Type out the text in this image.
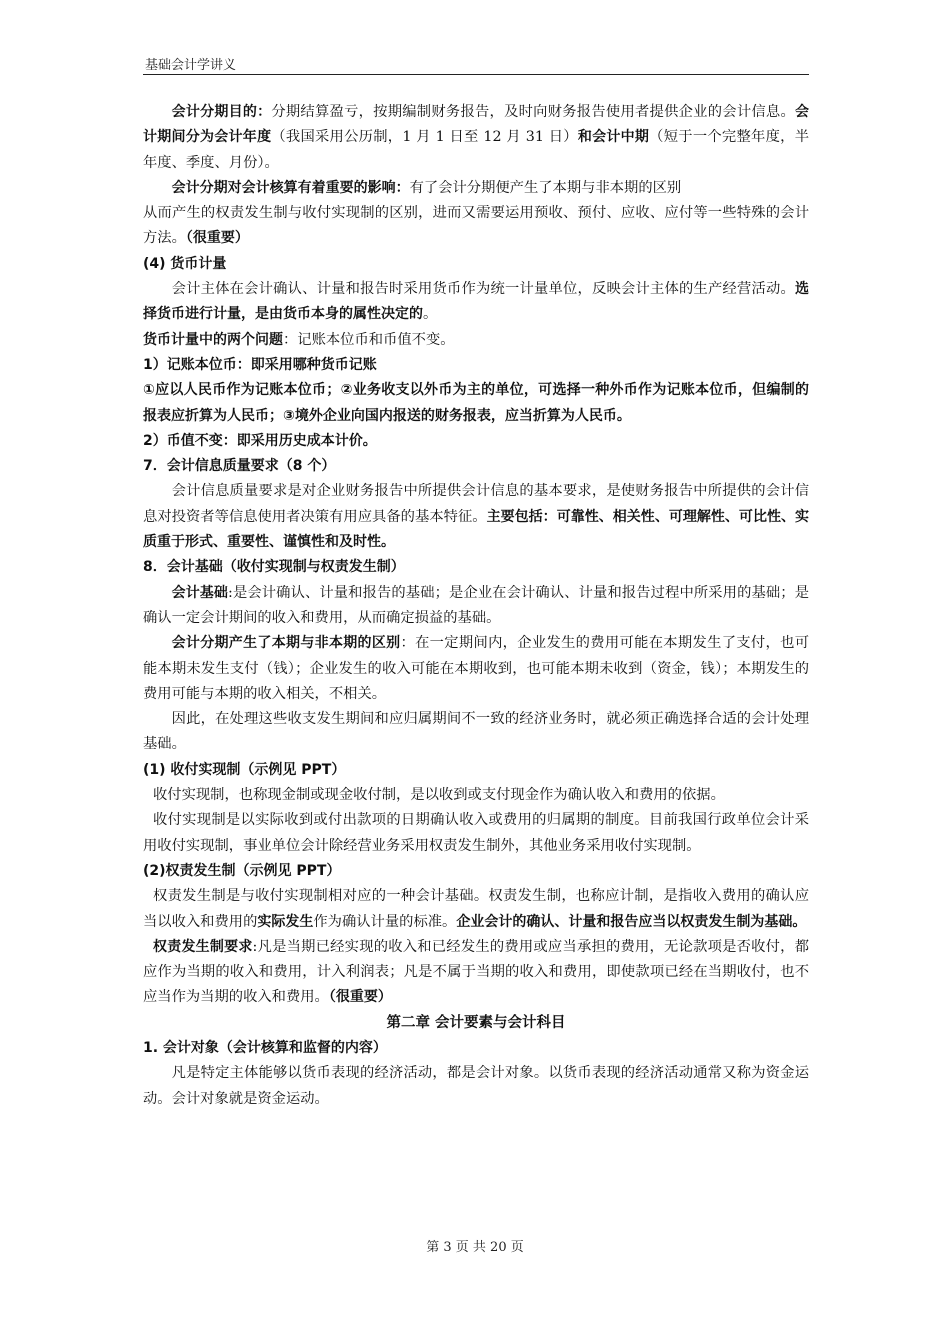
基础会计学讲义

会计分期目的：分期结算盈亏，按期编制财务报告，及时向财务报告使用者提供企业的会计信息。会计期间分为会计年度（我国采用公历制，1 月 1 日至 12 月 31 日）和会计中期（短于一个完整年度，半年度、季度、月份）。

会计分期对会计核算有着重要的影响：有了会计分期便产生了本期与非本期的区别

从而产生的权责发生制与收付实现制的区别，进而又需要运用预收、预付、应收、应付等一些特殊的会计方法。（很重要）

(4) 货币计量

会计主体在会计确认、计量和报告时采用货币作为统一计量单位，反映会计主体的生产经营活动。选择货币进行计量，是由货币本身的属性决定的。

货币计量中的两个问题：记账本位币和币值不变。

1）记账本位币：即采用哪种货币记账

①应以人民币作为记账本位币；②业务收支以外币为主的单位，可选择一种外币作为记账本位币，但编制的报表应折算为人民币；③境外企业向国内报送的财务报表，应当折算为人民币。

2）币值不变：即采用历史成本计价。

7．会计信息质量要求（8 个）

会计信息质量要求是对企业财务报告中所提供会计信息的基本要求，是使财务报告中所提供的会计信息对投资者等信息使用者决策有用应具备的基本特征。主要包括：可靠性、相关性、可理解性、可比性、实质重于形式、重要性、谨慎性和及时性。

8．会计基础（收付实现制与权责发生制）

会计基础:是会计确认、计量和报告的基础；是企业在会计确认、计量和报告过程中所采用的基础；是确认一定会计期间的收入和费用，从而确定损益的基础。

会计分期产生了本期与非本期的区别：在一定期间内，企业发生的费用可能在本期发生了支付，也可能本期未发生支付（钱）；企业发生的收入可能在本期收到，也可能本期未收到（资金，钱）；本期发生的费用可能与本期的收入相关，不相关。

因此，在处理这些收支发生期间和应归属期间不一致的经济业务时，就必须正确选择合适的会计处理基础。

(1) 收付实现制（示例见 PPT）

收付实现制，也称现金制或现金收付制，是以收到或支付现金作为确认收入和费用的依据。

收付实现制是以实际收到或付出款项的日期确认收入或费用的归属期的制度。目前我国行政单位会计采用收付实现制，事业单位会计除经营业务采用权责发生制外，其他业务采用收付实现制。

(2)权责发生制（示例见 PPT）

权责发生制是与收付实现制相对应的一种会计基础。权责发生制，也称应计制，是指收入费用的确认应当以收入和费用的实际发生作为确认计量的标准。企业会计的确认、计量和报告应当以权责发生制为基础。

权责发生制要求:凡是当期已经实现的收入和已经发生的费用或应当承担的费用，无论款项是否收付，都应作为当期的收入和费用，计入利润表；凡是不属于当期的收入和费用，即使款项已经在当期收付，也不应当作为当期的收入和费用。（很重要）

第二章 会计要素与会计科目

1. 会计对象（会计核算和监督的内容）

凡是特定主体能够以货币表现的经济活动，都是会计对象。以货币表现的经济活动通常又称为资金运动。会计对象就是资金运动。

第 3 页 共 20 页
